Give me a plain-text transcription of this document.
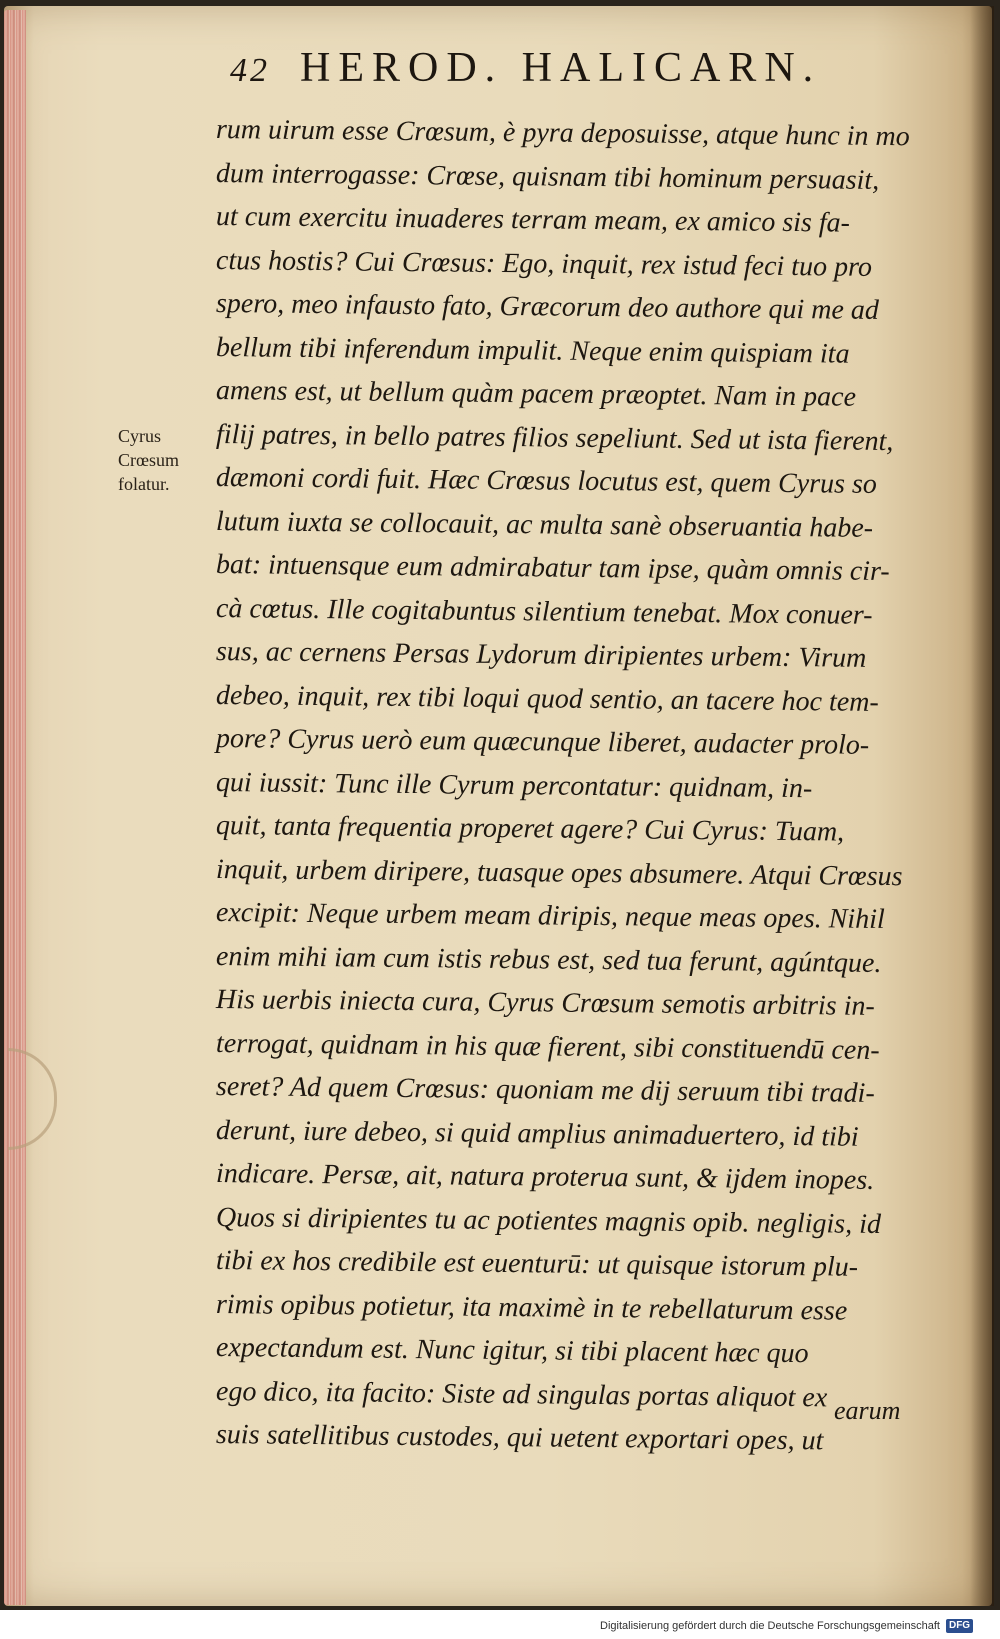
42 HEROD. HALICARN.
Cyrus
Crœsum
folatur.
rum uirum esse Crœsum, è pyra deposuisse, atque hunc in mo
dum interrogasse: Crœse, quisnam tibi hominum persuasit,
ut cum exercitu inuaderes terram meam, ex amico sis fa-
ctus hostis? Cui Crœsus: Ego, inquit, rex istud feci tuo pro
spero, meo infausto fato, Græcorum deo authore qui me ad
bellum tibi inferendum impulit. Neque enim quispiam ita
amens est, ut bellum quàm pacem præoptet. Nam in pace
filij patres, in bello patres filios sepeliunt. Sed ut ista fierent,
dæmoni cordi fuit. Hæc Crœsus locutus est, quem Cyrus so
lutum iuxta se collocauit, ac multa sanè obseruantia habe-
bat: intuensque eum admirabatur tam ipse, quàm omnis cir-
cà cœtus. Ille cogitabuntus silentium tenebat. Mox conuer-
sus, ac cernens Persas Lydorum diripientes urbem: Virum
debeo, inquit, rex tibi loqui quod sentio, an tacere hoc tem-
pore? Cyrus uerò eum quæcunque liberet, audacter prolo-
qui iussit: Tunc ille Cyrum percontatur: quidnam, in-
quit, tanta frequentia properet agere? Cui Cyrus: Tuam,
inquit, urbem diripere, tuasque opes absumere. Atqui Crœsus
excipit: Neque urbem meam diripis, neque meas opes. Nihil
enim mihi iam cum istis rebus est, sed tua ferunt, agúntque.
His uerbis iniecta cura, Cyrus Crœsum semotis arbitris in-
terrogat, quidnam in his quæ fierent, sibi constituendū cen-
seret? Ad quem Crœsus: quoniam me dij seruum tibi tradi-
derunt, iure debeo, si quid amplius animaduertero, id tibi
indicare. Persæ, ait, natura proterua sunt, & ijdem inopes.
Quos si diripientes tu ac potientes magnis opib. negligis, id
tibi ex hos credibile est euenturū: ut quisque istorum plu-
rimis opibus potietur, ita maximè in te rebellaturum esse
expectandum est. Nunc igitur, si tibi placent hæc quo
ego dico, ita facito: Siste ad singulas portas aliquot ex
suis satellitibus custodes, qui uetent exportari opes, ut
earum
Digitalisierung gefördert durch die Deutsche Forschungsgemeinschaft DFG
